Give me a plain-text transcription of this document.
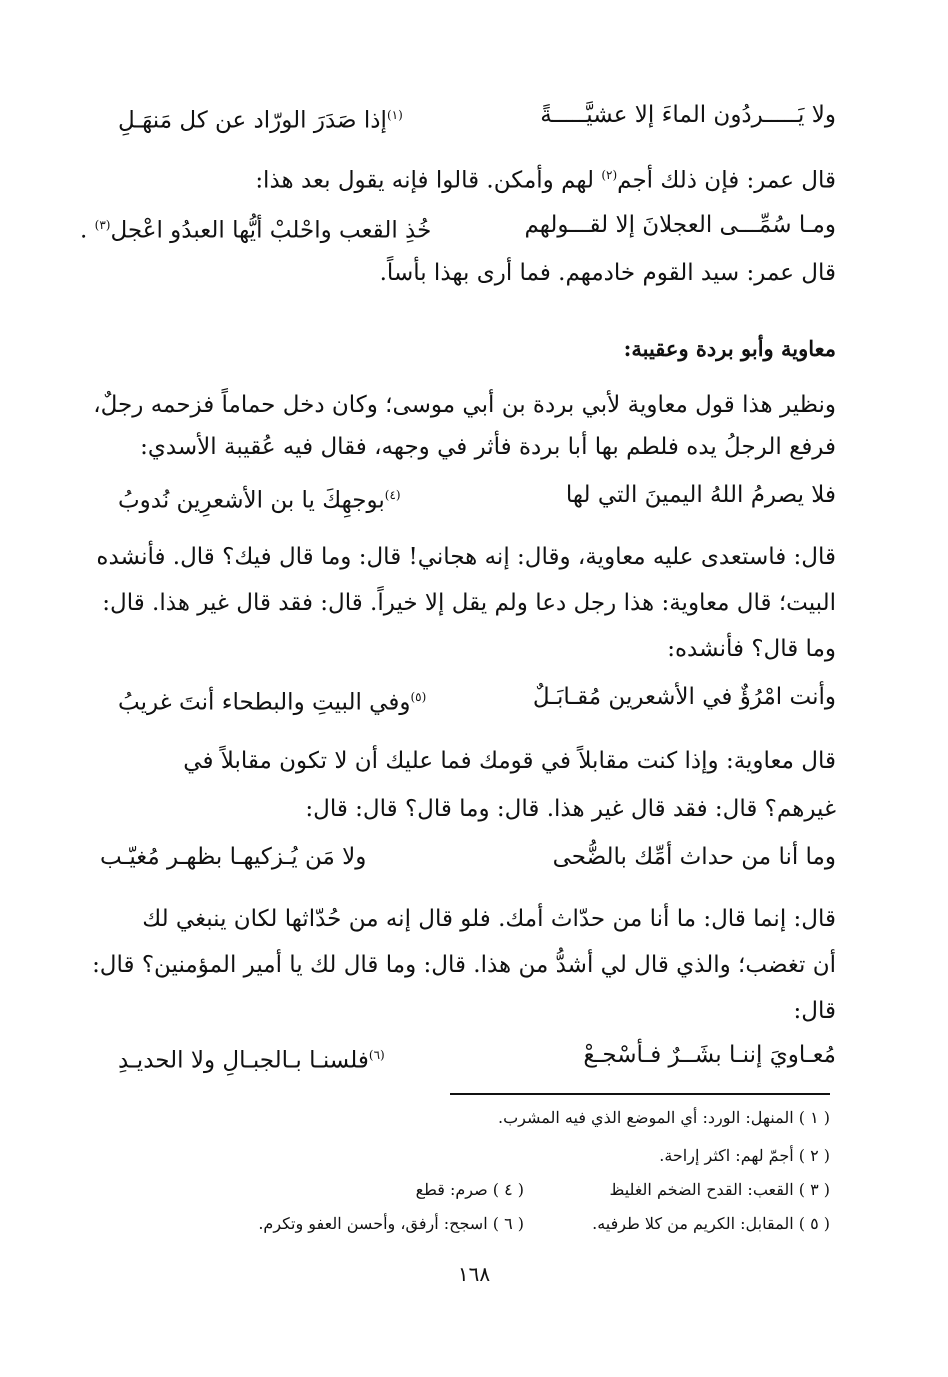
ولا يَـــــردُون الماءَ إلا عشيَّـــــةً
$^{(١)}$إذا صَدَرَ الورّاد عن كل مَنهَـلِ
قال عمر: فإن ذلك أجم$^{(٢)}$ لهم وأمكن. قالوا فإنه يقول بعد هذا:
ومـا سُمِّـــى العجلانَ إلا لقـــولهم
خُذِ القعب واحْلبْ أيُّها العبدُو اعْجل$^{(٣)}$ .
قال عمر: سيد القوم خادمهم. فما أرى بهذا بأساً.
معاوية وأبو بردة وعقيبة:
ونظير هذا قول معاوية لأبي بردة بن أبي موسى؛ وكان دخل حماماً فزحمه رجلٌ،
فرفع الرجلُ يده فلطم بها أبا بردة فأثر في وجهه، فقال فيه عُقيبة الأسدي:
فلا يصرمُ اللهُ اليمينَ التي لها
$^{(٤)}$بوجهِكَ يا بن الأشعرِين نُدوبُ
قال: فاستعدى عليه معاوية، وقال: إنه هجاني! قال: وما قال فيك؟ قال. فأنشده
البيت؛ قال معاوية: هذا رجل دعا ولم يقل إلا خيراً. قال: فقد قال غير هذا. قال:
وما قال؟ فأنشده:
وأنت امْرُؤٌ في الأشعرين مُقـابَـلٌ
$^{(٥)}$وفي البيتِ والبطحاء أنتَ غريبُ
قال معاوية: وإذا كنت مقابلاً في قومك فما عليك أن لا تكون مقابلاً في
غيرهم؟ قال: فقد قال غير هذا. قال: وما قال؟ قال: قال:
وما أنا من حداث أمِّك بالضُّحى
ولا مَن يُـزكيهـا بظهـر مُغيّـب
قال: إنما قال: ما أنا من حدّاث أمك. فلو قال إنه من حُدّاثها لكان ينبغي لك
أن تغضب؛ والذي قال لي أشدُّ من هذا. قال: وما قال لك يا أمير المؤمنين؟ قال:
قال:
مُعـاويَ إننـا بشَــرٌ فـأسْجـعْ
$^{(٦)}$فلسنـا بـالجبـالِ ولا الحديـدِ
( ١ ) المنهل: الورد: أي الموضع الذي فيه المشرب.
( ٢ ) أجمّ لهم: اكثر إراحة.
( ٣ ) القعب: القدح الضخم الغليظ
( ٤ ) صرم: قطع
( ٥ ) المقابل: الكريم من كلا طرفيه.
( ٦ ) اسجح: أرفق، وأحسن العفو وتكرم.
١٦٨
